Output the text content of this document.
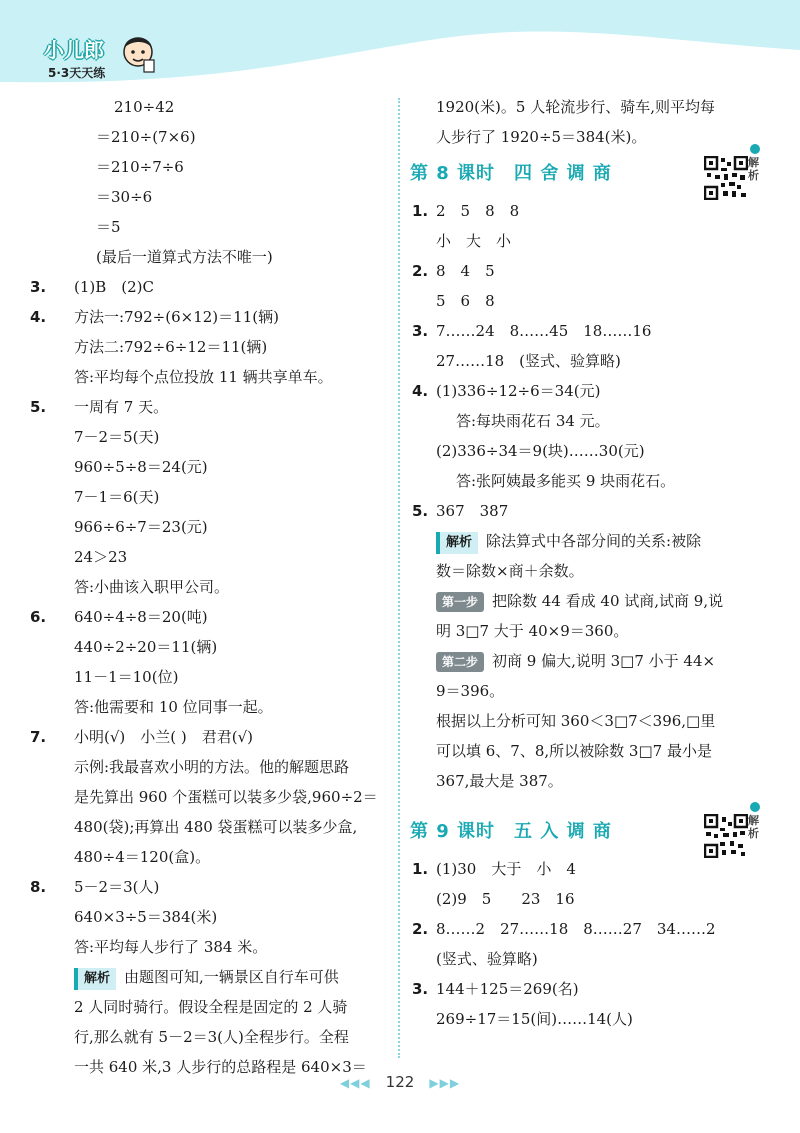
小儿郎
5·3天天练
210÷42
＝210÷(7×6)
＝210÷7÷6
＝30÷6
＝5
(最后一道算式方法不唯一)
3. (1)B　(2)C
4. 方法一:792÷(6×12)＝11(辆)
方法二:792÷6÷12＝11(辆)
答:平均每个点位投放 11 辆共享单车。
5. 一周有 7 天。
7－2＝5(天)
960÷5÷8＝24(元)
7－1＝6(天)
966÷6÷7＝23(元)
24＞23
答:小曲该入职甲公司。
6. 640÷4÷8＝20(吨)
440÷2÷20＝11(辆)
11－1＝10(位)
答:他需要和 10 位同事一起。
7. 小明(√)　小兰( )　君君(√)
示例:我最喜欢小明的方法。他的解题思路
是先算出 960 个蛋糕可以装多少袋,960÷2＝
480(袋);再算出 480 袋蛋糕可以装多少盒,
480÷4＝120(盒)。
8. 5－2＝3(人)
640×3÷5＝384(米)
答:平均每人步行了 384 米。
解析 由题图可知,一辆景区自行车可供
2 人同时骑行。假设全程是固定的 2 人骑
行,那么就有 5－2＝3(人)全程步行。全程
一共 640 米,3 人步行的总路程是 640×3＝
1920(米)。5 人轮流步行、骑车,则平均每
人步行了 1920÷5＝384(米)。
第 8 课时　四 舍 调 商
解析
1. 2　5　8　8
小　大　小
2. 8　4　5
5　6　8
3. 7……24　8……45　18……16
27……18　(竖式、验算略)
4. (1)336÷12÷6＝34(元)
答:每块雨花石 34 元。
(2)336÷34＝9(块)……30(元)
答:张阿姨最多能买 9 块雨花石。
5. 367　387
解析 除法算式中各部分间的关系:被除
数＝除数×商＋余数。
第一步 把除数 44 看成 40 试商,试商 9,说
明 3□7 大于 40×9＝360。
第二步 初商 9 偏大,说明 3□7 小于 44×
9＝396。
根据以上分析可知 360＜3□7＜396,□里
可以填 6、7、8,所以被除数 3□7 最小是
367,最大是 387。
第 9 课时　五 入 调 商
解析
1. (1)30　大于　小　4
(2)9　5　　23　16
2. 8……2　27……18　8……27　34……2
(竖式、验算略)
3. 144＋125＝269(名)
269÷17＝15(间)……14(人)
◀◀◀ 122 ▶▶▶
